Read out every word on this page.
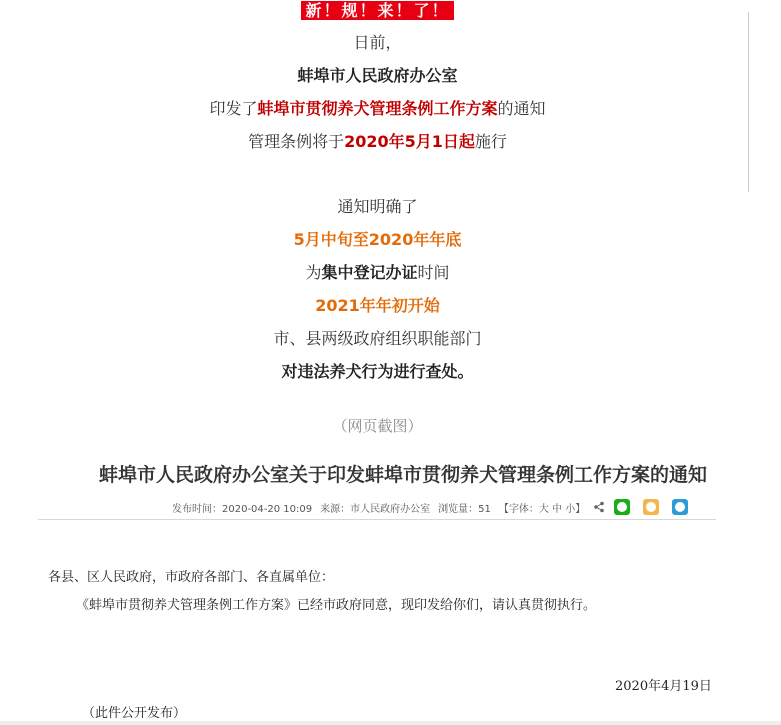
新！规！来！了！
日前，
蚌埠市人民政府办公室
印发了蚌埠市贯彻养犬管理条例工作方案的通知
管理条例将于2020年5月1日起施行
通知明确了
5月中旬至2020年年底
为集中登记办证时间
2021年年初开始
市、县两级政府组织职能部门
对违法养犬行为进行查处。
（网页截图）
蚌埠市人民政府办公室关于印发蚌埠市贯彻养犬管理条例工作方案的通知
发布时间：2020-04-20 10:09 来源：市人民政府办公室 浏览量：51 【字体：大 中 小】
各县、区人民政府，市政府各部门、各直属单位：
《蚌埠市贯彻养犬管理条例工作方案》已经市政府同意，现印发给你们，请认真贯彻执行。
2020年4月19日
（此件公开发布）
